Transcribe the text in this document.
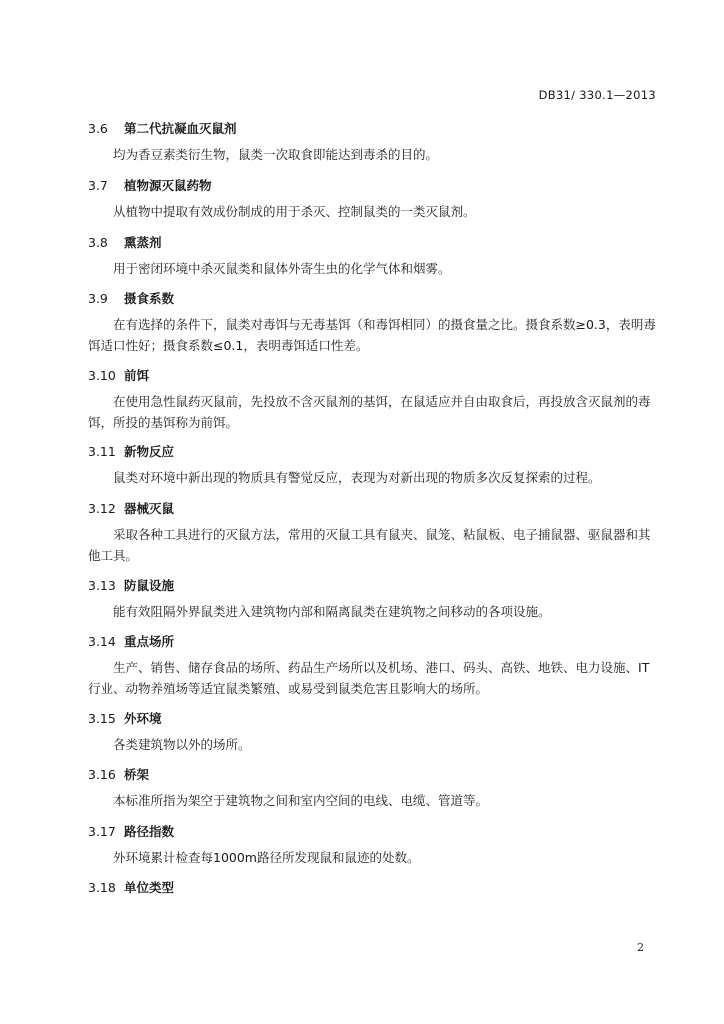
DB31/ 330.1—2013
3.6 第二代抗凝血灭鼠剂
均为香豆素类衍生物，鼠类一次取食即能达到毒杀的目的。
3.7 植物源灭鼠药物
从植物中提取有效成份制成的用于杀灭、控制鼠类的一类灭鼠剂。
3.8 熏蒸剂
用于密闭环境中杀灭鼠类和鼠体外寄生虫的化学气体和烟雾。
3.9 摄食系数
在有选择的条件下，鼠类对毒饵与无毒基饵（和毒饵相同）的摄食量之比。摄食系数≥0.3，表明毒饵适口性好；摄食系数≤0.1，表明毒饵适口性差。
3.10 前饵
在使用急性鼠药灭鼠前，先投放不含灭鼠剂的基饵，在鼠适应并自由取食后，再投放含灭鼠剂的毒饵，所投的基饵称为前饵。
3.11 新物反应
鼠类对环境中新出现的物质具有警觉反应，表现为对新出现的物质多次反复探索的过程。
3.12 器械灭鼠
采取各种工具进行的灭鼠方法，常用的灭鼠工具有鼠夹、鼠笼、粘鼠板、电子捕鼠器、驱鼠器和其他工具。
3.13 防鼠设施
能有效阻隔外界鼠类进入建筑物内部和隔离鼠类在建筑物之间移动的各项设施。
3.14 重点场所
生产、销售、储存食品的场所、药品生产场所以及机场、港口、码头、高铁、地铁、电力设施、IT行业、动物养殖场等适宜鼠类繁殖、或易受到鼠类危害且影响大的场所。
3.15 外环境
各类建筑物以外的场所。
3.16 桥架
本标准所指为架空于建筑物之间和室内空间的电线、电缆、管道等。
3.17 路径指数
外环境累计检查每1000m路径所发现鼠和鼠迹的处数。
3.18 单位类型
2
